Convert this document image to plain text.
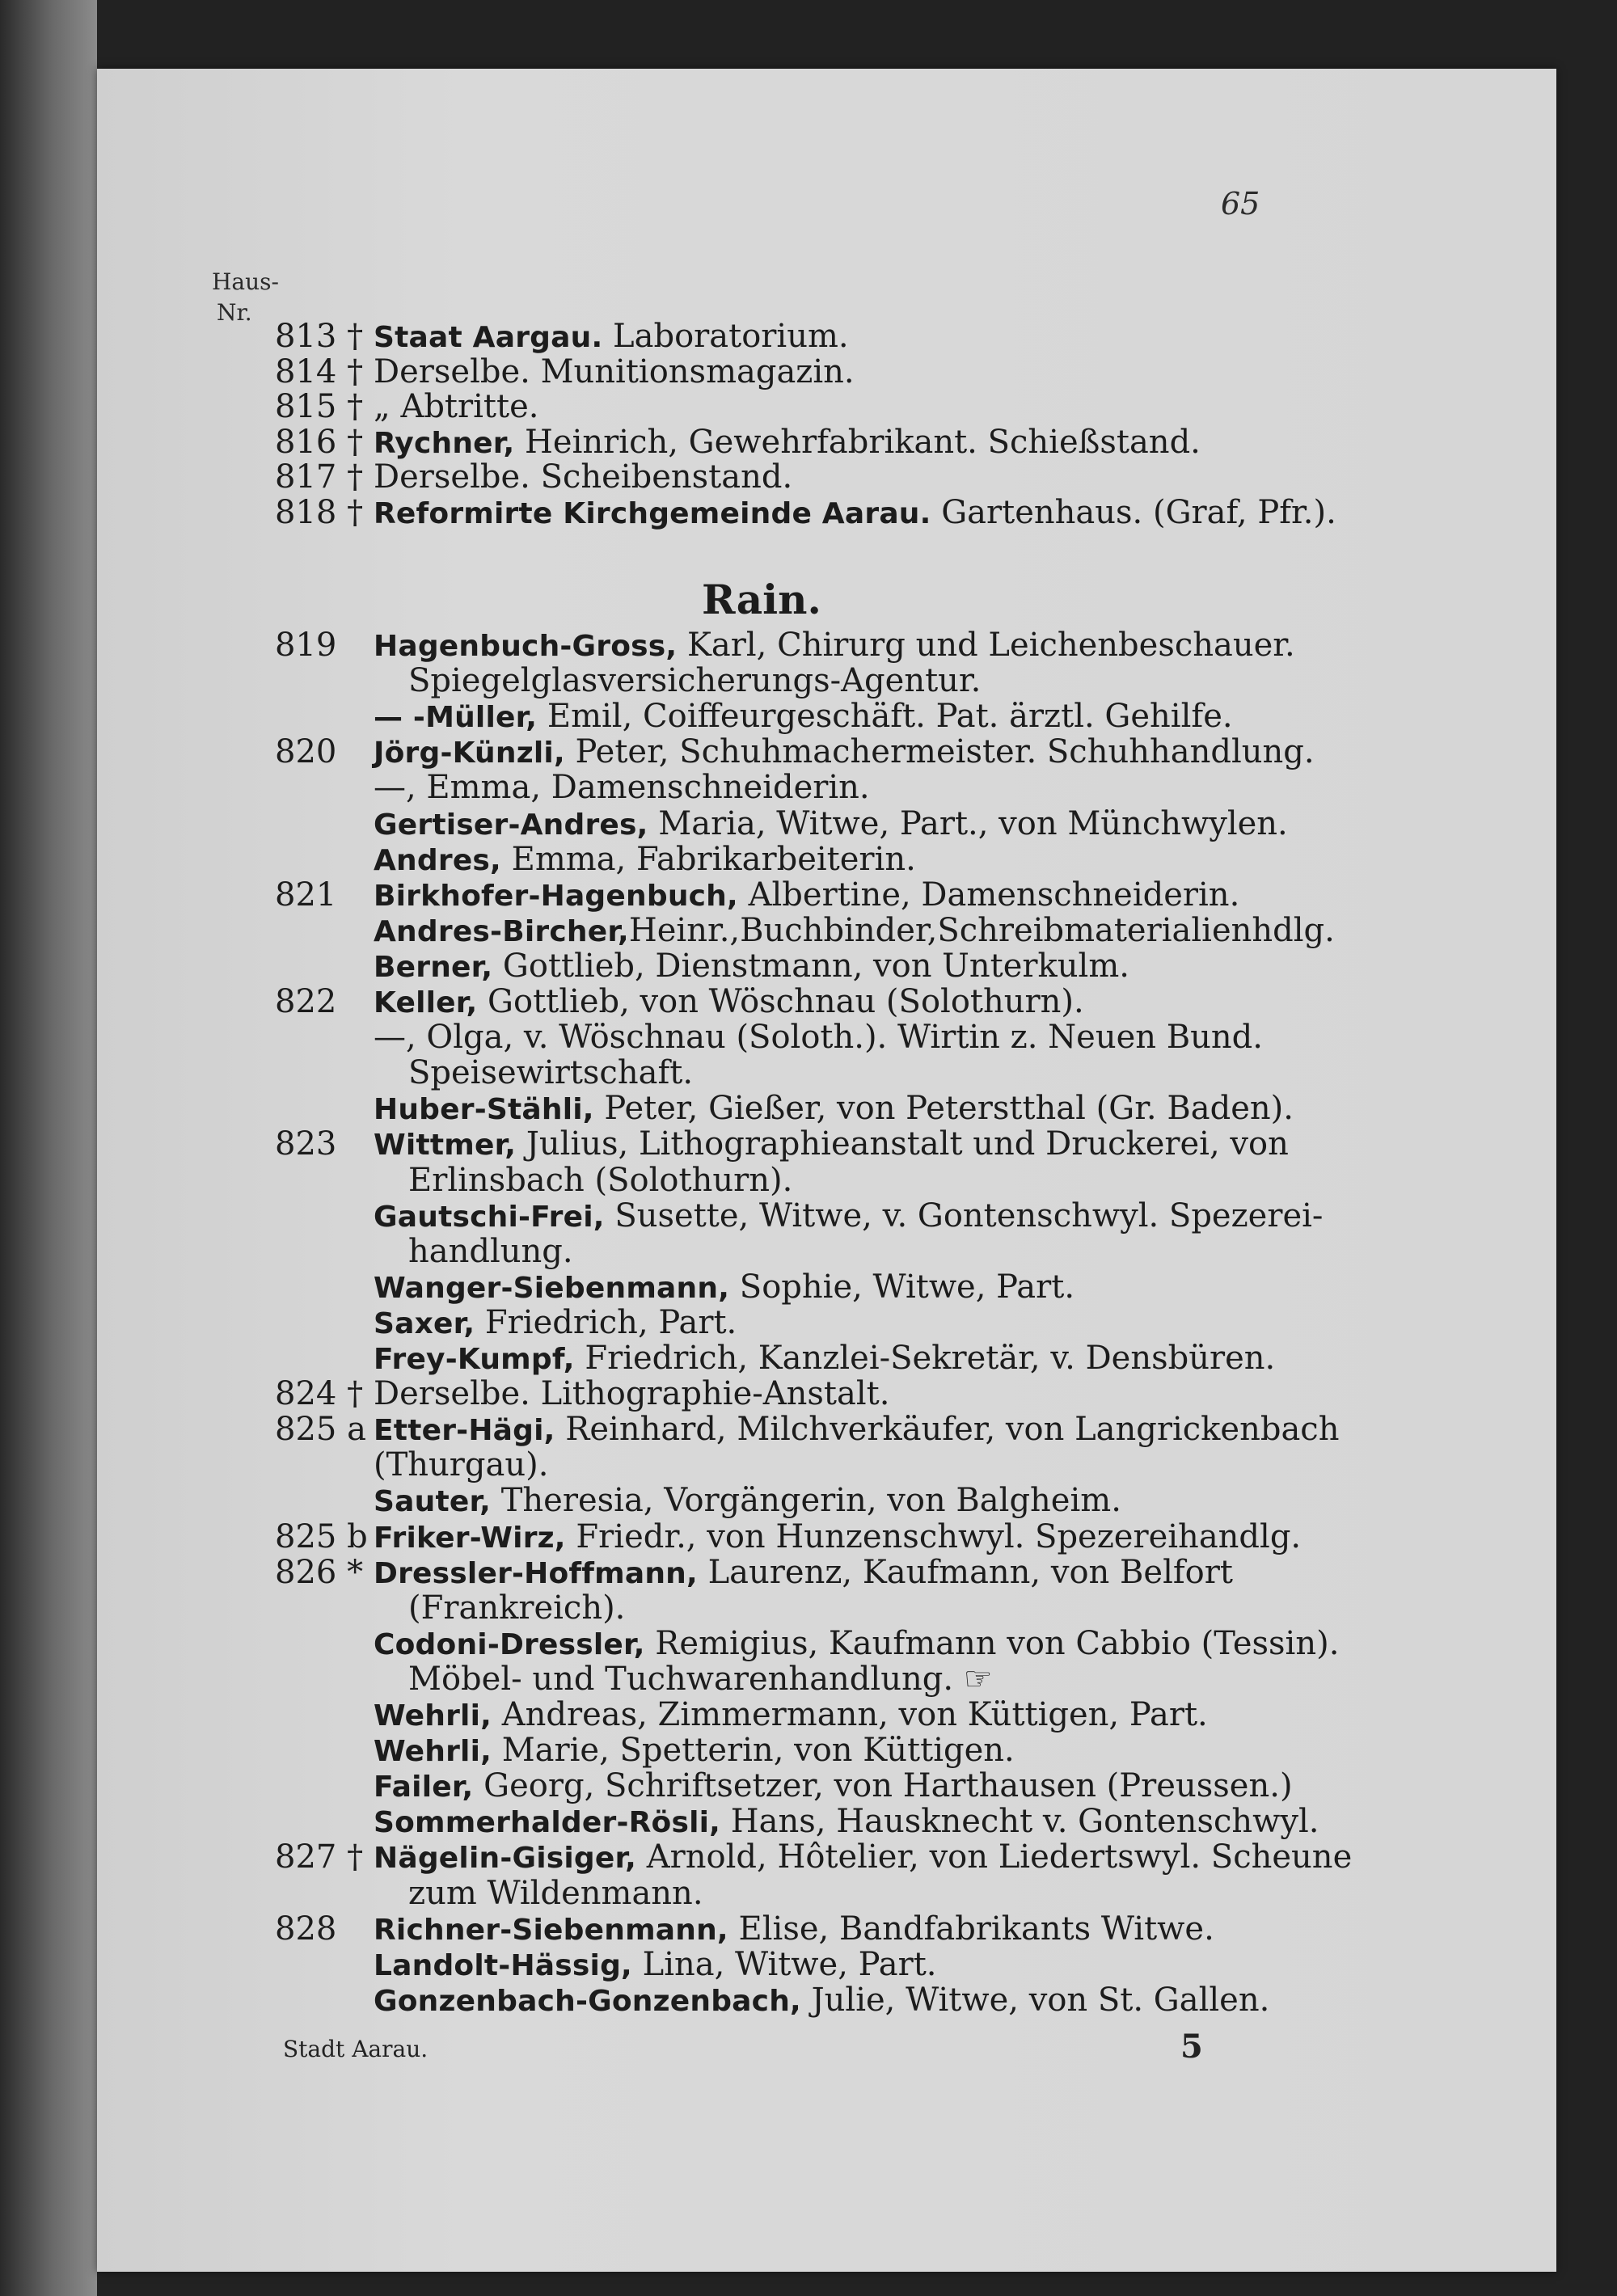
65
Haus-
Nr.
813 † Staat Aargau. Laboratorium.
814 † Derselbe. Munitionsmagazin.
815 † „ Abtritte.
816 † Rychner, Heinrich, Gewehrfabrikant. Schießstand.
817 † Derselbe. Scheibenstand.
818 † Reformirte Kirchgemeinde Aarau. Gartenhaus. (Graf, Pfr.).
Rain.
819 Hagenbuch-Gross, Karl, Chirurg und Leichenbeschauer.
Spiegelglasversicherungs-Agentur.
— -Müller, Emil, Coiffeurgeschäft. Pat. ärztl. Gehilfe.
820 Jörg-Künzli, Peter, Schuhmachermeister. Schuhhandlung.
—, Emma, Damenschneiderin.
Gertiser-Andres, Maria, Witwe, Part., von Münchwylen.
Andres, Emma, Fabrikarbeiterin.
821 Birkhofer-Hagenbuch, Albertine, Damenschneiderin.
Andres-Bircher,Heinr.,Buchbinder,Schreibmaterialienhdlg.
Berner, Gottlieb, Dienstmann, von Unterkulm.
822 Keller, Gottlieb, von Wöschnau (Solothurn).
—, Olga, v. Wöschnau (Soloth.). Wirtin z. Neuen Bund.
Speisewirtschaft.
Huber-Stähli, Peter, Gießer, von Peterstthal (Gr. Baden).
823 Wittmer, Julius, Lithographieanstalt und Druckerei, von
Erlinsbach (Solothurn).
Gautschi-Frei, Susette, Witwe, v. Gontenschwyl. Spezerei-
handlung.
Wanger-Siebenmann, Sophie, Witwe, Part.
Saxer, Friedrich, Part.
Frey-Kumpf, Friedrich, Kanzlei-Sekretär, v. Densbüren.
824 † Derselbe. Lithographie-Anstalt.
825 a Etter-Hägi, Reinhard, Milchverkäufer, von Langrickenbach
(Thurgau).
Sauter, Theresia, Vorgängerin, von Balgheim.
825 b Friker-Wirz, Friedr., von Hunzenschwyl. Spezereihandlg.
826 * Dressler-Hoffmann, Laurenz, Kaufmann, von Belfort
(Frankreich).
Codoni-Dressler, Remigius, Kaufmann von Cabbio (Tessin).
Möbel- und Tuchwarenhandlung. ☞
Wehrli, Andreas, Zimmermann, von Küttigen, Part.
Wehrli, Marie, Spetterin, von Küttigen.
Failer, Georg, Schriftsetzer, von Harthausen (Preussen.)
Sommerhalder-Rösli, Hans, Hausknecht v. Gontenschwyl.
827 † Nägelin-Gisiger, Arnold, Hôtelier, von Liedertswyl. Scheune
zum Wildenmann.
828 Richner-Siebenmann, Elise, Bandfabrikants Witwe.
Landolt-Hässig, Lina, Witwe, Part.
Gonzenbach-Gonzenbach, Julie, Witwe, von St. Gallen.
Stadt Aarau.	5
